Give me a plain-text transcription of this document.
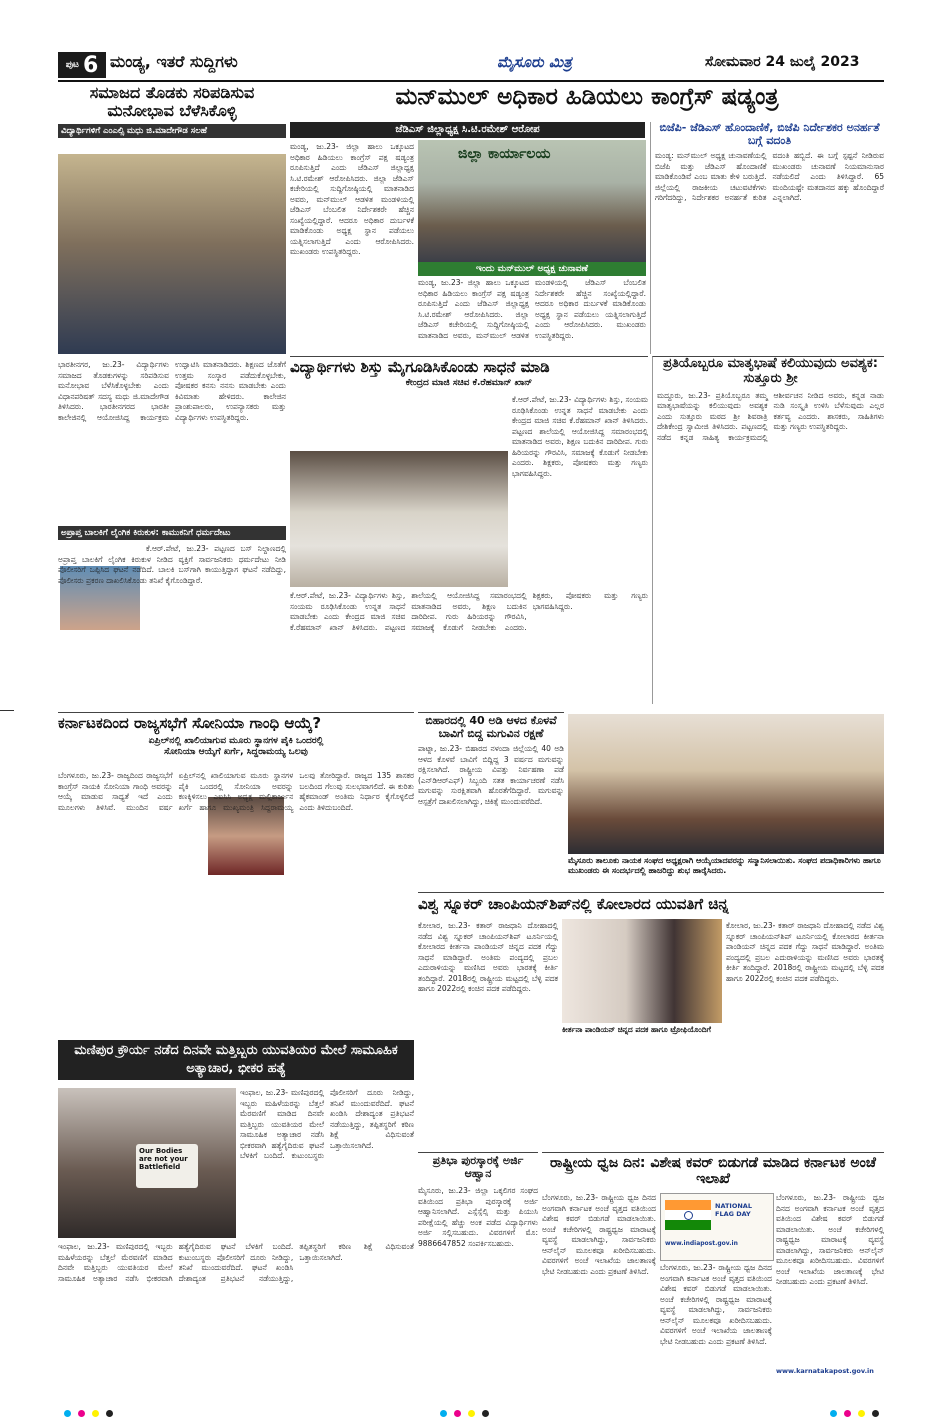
ಪುಟ 6 ಮಂಡ್ಯ, ಇತರೆ ಸುದ್ದಿಗಳು	ಮೈಸೂರು ಮಿತ್ರ	ಸೋಮವಾರ 24 ಜುಲೈ 2023
ಸಮಾಜದ ತೊಡಕು ಸರಿಪಡಿಸುವ ಮನೋಭಾವ ಬೆಳೆಸಿಕೊಳ್ಳಿ
ವಿದ್ಯಾರ್ಥಿಗಳಿಗೆ ಎಂಎಲ್ಸಿ ಮಧು ಜಿ.ಮಾದೇಗೌಡ ಸಲಹೆ
ಭಾರತೀನಗರ, ಜು.23- ವಿದ್ಯಾರ್ಥಿಗಳು ಸಮಾಜದ ತೊಡಕುಗಳನ್ನು ಸರಿಪಡಿಸುವ ಮನೋಭಾವ ಬೆಳೆಸಿಕೊಳ್ಳಬೇಕು ಎಂದು ವಿಧಾನಪರಿಷತ್ ಸದಸ್ಯ ಮಧು ಜಿ.ಮಾದೇಗೌಡ ತಿಳಿಸಿದರು. ಭಾರತೀನಗರದ ಭಾರತೀ ಕಾಲೇಜಿನಲ್ಲಿ ಆಯೋಜಿಸಿದ್ದ ಕಾರ್ಯಕ್ರಮ ಉದ್ಘಾಟಿಸಿ ಮಾತನಾಡಿದರು. ಶಿಕ್ಷಣದ ಜೊತೆಗೆ ಉತ್ತಮ ಸಂಸ್ಕಾರ ಪಡೆದುಕೊಳ್ಳಬೇಕು, ಪೋಷಕರ ಕನಸು ನನಸು ಮಾಡಬೇಕು ಎಂದು ಕಿವಿಮಾತು ಹೇಳಿದರು. ಕಾಲೇಜಿನ ಪ್ರಾಂಶುಪಾಲರು, ಉಪನ್ಯಾಸಕರು ಮತ್ತು ವಿದ್ಯಾರ್ಥಿಗಳು ಉಪಸ್ಥಿತರಿದ್ದರು.
ಅಪ್ರಾಪ್ತ ಬಾಲಕಿಗೆ ಲೈಂಗಿಕ ಕಿರುಕುಳ: ಕಾಮುಕನಿಗೆ ಧರ್ಮದೇಟು
ಕೆ.ಆರ್.ಪೇಟೆ, ಜು.23- ಪಟ್ಟಣದ ಬಸ್ ನಿಲ್ದಾಣದಲ್ಲಿ ಅಪ್ರಾಪ್ತ ಬಾಲಕಿಗೆ ಲೈಂಗಿಕ ಕಿರುಕುಳ ನೀಡಿದ ವ್ಯಕ್ತಿಗೆ ಸಾರ್ವಜನಿಕರು ಧರ್ಮದೇಟು ನೀಡಿ ಪೊಲೀಸರಿಗೆ ಒಪ್ಪಿಸಿದ ಘಟನೆ ನಡೆದಿದೆ. ಬಾಲಕಿ ಬಸ್‌ಗಾಗಿ ಕಾಯುತ್ತಿದ್ದಾಗ ಘಟನೆ ನಡೆದಿದ್ದು, ಪೊಲೀಸರು ಪ್ರಕರಣ ದಾಖಲಿಸಿಕೊಂಡು ತನಿಖೆ ಕೈಗೊಂಡಿದ್ದಾರೆ.
ಮನ್‌ಮುಲ್ ಅಧಿಕಾರ ಹಿಡಿಯಲು ಕಾಂಗ್ರೆಸ್ ಷಡ್ಯಂತ್ರ
ಜೆಡಿಎಸ್ ಜಿಲ್ಲಾಧ್ಯಕ್ಷ ಸಿ.ಟಿ.ರಮೇಶ್ ಆರೋಪ
ಮಂಡ್ಯ, ಜು.23- ಜಿಲ್ಲಾ ಹಾಲು ಒಕ್ಕೂಟದ ಅಧಿಕಾರ ಹಿಡಿಯಲು ಕಾಂಗ್ರೆಸ್ ಪಕ್ಷ ಷಡ್ಯಂತ್ರ ರೂಪಿಸುತ್ತಿದೆ ಎಂದು ಜೆಡಿಎಸ್ ಜಿಲ್ಲಾಧ್ಯಕ್ಷ ಸಿ.ಟಿ.ರಮೇಶ್ ಆರೋಪಿಸಿದರು. ಜಿಲ್ಲಾ ಜೆಡಿಎಸ್ ಕಚೇರಿಯಲ್ಲಿ ಸುದ್ದಿಗೋಷ್ಠಿಯಲ್ಲಿ ಮಾತನಾಡಿದ ಅವರು, ಮನ್‌ಮುಲ್ ಆಡಳಿತ ಮಂಡಳಿಯಲ್ಲಿ ಜೆಡಿಎಸ್ ಬೆಂಬಲಿತ ನಿರ್ದೇಶಕರೇ ಹೆಚ್ಚಿನ ಸಂಖ್ಯೆಯಲ್ಲಿದ್ದಾರೆ. ಆದರೂ ಅಧಿಕಾರ ದುರ್ಬಳಕೆ ಮಾಡಿಕೊಂಡು ಅಧ್ಯಕ್ಷ ಸ್ಥಾನ ಪಡೆಯಲು ಯತ್ನಿಸಲಾಗುತ್ತಿದೆ ಎಂದು ಆರೋಪಿಸಿದರು. ಮುಖಂಡರು ಉಪಸ್ಥಿತರಿದ್ದರು.
ಜಿಲ್ಲಾ ಕಾರ್ಯಾಲಯ
ಇಂದು ಮನ್‌ಮುಲ್ ಅಧ್ಯಕ್ಷ ಚುನಾವಣೆ
ಮಂಡ್ಯ, ಜು.23- ಜಿಲ್ಲಾ ಹಾಲು ಒಕ್ಕೂಟದ ಅಧಿಕಾರ ಹಿಡಿಯಲು ಕಾಂಗ್ರೆಸ್ ಪಕ್ಷ ಷಡ್ಯಂತ್ರ ರೂಪಿಸುತ್ತಿದೆ ಎಂದು ಜೆಡಿಎಸ್ ಜಿಲ್ಲಾಧ್ಯಕ್ಷ ಸಿ.ಟಿ.ರಮೇಶ್ ಆರೋಪಿಸಿದರು. ಜಿಲ್ಲಾ ಜೆಡಿಎಸ್ ಕಚೇರಿಯಲ್ಲಿ ಸುದ್ದಿಗೋಷ್ಠಿಯಲ್ಲಿ ಮಾತನಾಡಿದ ಅವರು, ಮನ್‌ಮುಲ್ ಆಡಳಿತ ಮಂಡಳಿಯಲ್ಲಿ ಜೆಡಿಎಸ್ ಬೆಂಬಲಿತ ನಿರ್ದೇಶಕರೇ ಹೆಚ್ಚಿನ ಸಂಖ್ಯೆಯಲ್ಲಿದ್ದಾರೆ. ಆದರೂ ಅಧಿಕಾರ ದುರ್ಬಳಕೆ ಮಾಡಿಕೊಂಡು ಅಧ್ಯಕ್ಷ ಸ್ಥಾನ ಪಡೆಯಲು ಯತ್ನಿಸಲಾಗುತ್ತಿದೆ ಎಂದು ಆರೋಪಿಸಿದರು. ಮುಖಂಡರು ಉಪಸ್ಥಿತರಿದ್ದರು.
ಬಿಜೆಪಿ- ಜೆಡಿಎಸ್ ಹೊಂದಾಣಿಕೆ, ಬಿಜೆಪಿ ನಿರ್ದೇಶಕರ ಅನರ್ಹತೆ ಬಗ್ಗೆ ವದಂತಿ
ಮಂಡ್ಯ: ಮನ್‌ಮುಲ್ ಅಧ್ಯಕ್ಷ ಚುನಾವಣೆಯಲ್ಲಿ ಬಿಜೆಪಿ ಮತ್ತು ಜೆಡಿಎಸ್ ಹೊಂದಾಣಿಕೆ ಮಾಡಿಕೊಂಡಿವೆ ಎಂಬ ಮಾತು ಕೇಳಿ ಬರುತ್ತಿದೆ. ಜಿಲ್ಲೆಯಲ್ಲಿ ರಾಜಕೀಯ ಚಟುವಟಿಕೆಗಳು ಗರಿಗೆದರಿದ್ದು, ನಿರ್ದೇಶಕರ ಅನರ್ಹತೆ ಕುರಿತ ವದಂತಿ ಹಬ್ಬಿದೆ. ಈ ಬಗ್ಗೆ ಸ್ಪಷ್ಟನೆ ನೀಡಿರುವ ಮುಖಂಡರು ಚುನಾವಣೆ ನಿಯಮಾನುಸಾರ ನಡೆಯಲಿದೆ ಎಂದು ತಿಳಿಸಿದ್ದಾರೆ. 65 ಮಂದಿಯಷ್ಟೇ ಮತದಾನದ ಹಕ್ಕು ಹೊಂದಿದ್ದಾರೆ ಎನ್ನಲಾಗಿದೆ.
ವಿದ್ಯಾರ್ಥಿಗಳು ಶಿಸ್ತು ಮೈಗೂಡಿಸಿಕೊಂಡು ಸಾಧನೆ ಮಾಡಿ
ಕೇಂದ್ರದ ಮಾಜಿ ಸಚಿವ ಕೆ.ರೆಹಮಾನ್ ಖಾನ್
ಕೆ.ಆರ್.ಪೇಟೆ, ಜು.23- ವಿದ್ಯಾರ್ಥಿಗಳು ಶಿಸ್ತು, ಸಂಯಮ ರೂಢಿಸಿಕೊಂಡು ಉನ್ನತ ಸಾಧನೆ ಮಾಡಬೇಕು ಎಂದು ಕೇಂದ್ರದ ಮಾಜಿ ಸಚಿವ ಕೆ.ರೆಹಮಾನ್ ಖಾನ್ ತಿಳಿಸಿದರು. ಪಟ್ಟಣದ ಶಾಲೆಯಲ್ಲಿ ಆಯೋಜಿಸಿದ್ದ ಸಮಾರಂಭದಲ್ಲಿ ಮಾತನಾಡಿದ ಅವರು, ಶಿಕ್ಷಣ ಬದುಕಿನ ದಾರಿದೀಪ. ಗುರು ಹಿರಿಯರನ್ನು ಗೌರವಿಸಿ, ಸಮಾಜಕ್ಕೆ ಕೊಡುಗೆ ನೀಡಬೇಕು ಎಂದರು. ಶಿಕ್ಷಕರು, ಪೋಷಕರು ಮತ್ತು ಗಣ್ಯರು ಭಾಗವಹಿಸಿದ್ದರು.
ಕೆ.ಆರ್.ಪೇಟೆ, ಜು.23- ವಿದ್ಯಾರ್ಥಿಗಳು ಶಿಸ್ತು, ಸಂಯಮ ರೂಢಿಸಿಕೊಂಡು ಉನ್ನತ ಸಾಧನೆ ಮಾಡಬೇಕು ಎಂದು ಕೇಂದ್ರದ ಮಾಜಿ ಸಚಿವ ಕೆ.ರೆಹಮಾನ್ ಖಾನ್ ತಿಳಿಸಿದರು. ಪಟ್ಟಣದ ಶಾಲೆಯಲ್ಲಿ ಆಯೋಜಿಸಿದ್ದ ಸಮಾರಂಭದಲ್ಲಿ ಮಾತನಾಡಿದ ಅವರು, ಶಿಕ್ಷಣ ಬದುಕಿನ ದಾರಿದೀಪ. ಗುರು ಹಿರಿಯರನ್ನು ಗೌರವಿಸಿ, ಸಮಾಜಕ್ಕೆ ಕೊಡುಗೆ ನೀಡಬೇಕು ಎಂದರು. ಶಿಕ್ಷಕರು, ಪೋಷಕರು ಮತ್ತು ಗಣ್ಯರು ಭಾಗವಹಿಸಿದ್ದರು.
ಪ್ರತಿಯೊಬ್ಬರೂ ಮಾತೃಭಾಷೆ ಕಲಿಯುವುದು ಅವಶ್ಯಕ: ಸುತ್ತೂರು ಶ್ರೀ
ಮದ್ದೂರು, ಜು.23- ಪ್ರತಿಯೊಬ್ಬರೂ ತಮ್ಮ ಮಾತೃಭಾಷೆಯನ್ನು ಕಲಿಯುವುದು ಅವಶ್ಯಕ ಎಂದು ಸುತ್ತೂರು ಮಠದ ಶ್ರೀ ಶಿವರಾತ್ರಿ ದೇಶಿಕೇಂದ್ರ ಸ್ವಾಮೀಜಿ ತಿಳಿಸಿದರು. ಪಟ್ಟಣದಲ್ಲಿ ನಡೆದ ಕನ್ನಡ ಸಾಹಿತ್ಯ ಕಾರ್ಯಕ್ರಮದಲ್ಲಿ ಆಶೀರ್ವಚನ ನೀಡಿದ ಅವರು, ಕನ್ನಡ ನಾಡು ನುಡಿ ಸಂಸ್ಕೃತಿ ಉಳಿಸಿ ಬೆಳೆಸುವುದು ಎಲ್ಲರ ಕರ್ತವ್ಯ ಎಂದರು. ಶಾಸಕರು, ಸಾಹಿತಿಗಳು ಮತ್ತು ಗಣ್ಯರು ಉಪಸ್ಥಿತರಿದ್ದರು.
ಕರ್ನಾಟಕದಿಂದ ರಾಜ್ಯಸಭೆಗೆ ಸೋನಿಯಾ ಗಾಂಧಿ ಆಯ್ಕೆ?
ಏಪ್ರಿಲ್‌ನಲ್ಲಿ ಖಾಲಿಯಾಗುವ ಮೂರು ಸ್ಥಾನಗಳ ಪೈಕಿ ಒಂದರಲ್ಲಿ
ಸೋನಿಯಾ ಆಯ್ಕೆಗೆ ಖರ್ಗೆ, ಸಿದ್ದರಾಮಯ್ಯ ಒಲವು
ಬೆಂಗಳೂರು, ಜು.23- ರಾಜ್ಯದಿಂದ ರಾಜ್ಯಸಭೆಗೆ ಕಾಂಗ್ರೆಸ್ ನಾಯಕಿ ಸೋನಿಯಾ ಗಾಂಧಿ ಅವರನ್ನು ಆಯ್ಕೆ ಮಾಡುವ ಸಾಧ್ಯತೆ ಇದೆ ಎಂದು ಮೂಲಗಳು ತಿಳಿಸಿವೆ. ಮುಂದಿನ ವರ್ಷ ಏಪ್ರಿಲ್‌ನಲ್ಲಿ ಖಾಲಿಯಾಗುವ ಮೂರು ಸ್ಥಾನಗಳ ಪೈಕಿ ಒಂದರಲ್ಲಿ ಸೋನಿಯಾ ಅವರನ್ನು ಕಣಕ್ಕಿಳಿಸಲು ಎಐಸಿಸಿ ಅಧ್ಯಕ್ಷ ಮಲ್ಲಿಕಾರ್ಜುನ ಖರ್ಗೆ ಹಾಗೂ ಮುಖ್ಯಮಂತ್ರಿ ಸಿದ್ದರಾಮಯ್ಯ ಒಲವು ತೋರಿದ್ದಾರೆ. ರಾಜ್ಯದ 135 ಶಾಸಕರ ಬಲದಿಂದ ಗೆಲುವು ಸುಲಭವಾಗಲಿದೆ. ಈ ಕುರಿತು ಹೈಕಮಾಂಡ್ ಅಂತಿಮ ನಿರ್ಧಾರ ಕೈಗೊಳ್ಳಲಿದೆ ಎಂದು ತಿಳಿದುಬಂದಿದೆ.
ಬಿಹಾರದಲ್ಲಿ 40 ಅಡಿ ಆಳದ ಕೊಳವೆ ಬಾವಿಗೆ ಬಿದ್ದ ಮಗುವಿನ ರಕ್ಷಣೆ
ಪಾಟ್ನಾ, ಜು.23- ಬಿಹಾರದ ನಳಂದಾ ಜಿಲ್ಲೆಯಲ್ಲಿ 40 ಅಡಿ ಆಳದ ಕೊಳವೆ ಬಾವಿಗೆ ಬಿದ್ದಿದ್ದ 3 ವರ್ಷದ ಮಗುವನ್ನು ರಕ್ಷಿಸಲಾಗಿದೆ. ರಾಷ್ಟ್ರೀಯ ವಿಪತ್ತು ನಿರ್ವಹಣಾ ಪಡೆ (ಎನ್‌ಡಿಆರ್‌ಎಫ್) ಸಿಬ್ಬಂದಿ ಸತತ ಕಾರ್ಯಾಚರಣೆ ನಡೆಸಿ ಮಗುವನ್ನು ಸುರಕ್ಷಿತವಾಗಿ ಹೊರತೆಗೆದಿದ್ದಾರೆ. ಮಗುವನ್ನು ಆಸ್ಪತ್ರೆಗೆ ದಾಖಲಿಸಲಾಗಿದ್ದು, ಚಿಕಿತ್ಸೆ ಮುಂದುವರೆದಿದೆ.
ಮೈಸೂರು ತಾಲೂಕು ನಾಯಕ ಸಂಘದ ಅಧ್ಯಕ್ಷರಾಗಿ ಆಯ್ಕೆಯಾದವರನ್ನು ಸನ್ಮಾನಿಸಲಾಯಿತು. ಸಂಘದ ಪದಾಧಿಕಾರಿಗಳು ಹಾಗೂ ಮುಖಂಡರು ಈ ಸಂದರ್ಭದಲ್ಲಿ ಹಾಜರಿದ್ದು ಶುಭ ಹಾರೈಸಿದರು.
ವಿಶ್ವ ಸ್ನೂಕರ್ ಚಾಂಪಿಯನ್‌ಶಿಪ್‌ನಲ್ಲಿ ಕೋಲಾರದ ಯುವತಿಗೆ ಚಿನ್ನ
ಕೋಲಾರ, ಜು.23- ಕತಾರ್ ರಾಜಧಾನಿ ದೋಹಾದಲ್ಲಿ ನಡೆದ ವಿಶ್ವ ಸ್ನೂಕರ್ ಚಾಂಪಿಯನ್‌ಶಿಪ್ ಟೂರ್ನಿಯಲ್ಲಿ ಕೋಲಾರದ ಕೀರ್ತನಾ ಪಾಂಡಿಯನ್ ಚಿನ್ನದ ಪದಕ ಗೆದ್ದು ಸಾಧನೆ ಮಾಡಿದ್ದಾರೆ. ಅಂತಿಮ ಪಂದ್ಯದಲ್ಲಿ ಪ್ರಬಲ ಎದುರಾಳಿಯನ್ನು ಮಣಿಸಿದ ಅವರು ಭಾರತಕ್ಕೆ ಕೀರ್ತಿ ತಂದಿದ್ದಾರೆ. 2018ರಲ್ಲಿ ರಾಷ್ಟ್ರೀಯ ಮಟ್ಟದಲ್ಲಿ ಬೆಳ್ಳಿ ಪದಕ ಹಾಗೂ 2022ರಲ್ಲಿ ಕಂಚಿನ ಪದಕ ಪಡೆದಿದ್ದರು.
ಕೀರ್ತನಾ ಪಾಂಡಿಯನ್ ಚಿನ್ನದ ಪದಕ ಹಾಗೂ ಟ್ರೋಫಿಯೊಂದಿಗೆ
ಕೋಲಾರ, ಜು.23- ಕತಾರ್ ರಾಜಧಾನಿ ದೋಹಾದಲ್ಲಿ ನಡೆದ ವಿಶ್ವ ಸ್ನೂಕರ್ ಚಾಂಪಿಯನ್‌ಶಿಪ್ ಟೂರ್ನಿಯಲ್ಲಿ ಕೋಲಾರದ ಕೀರ್ತನಾ ಪಾಂಡಿಯನ್ ಚಿನ್ನದ ಪದಕ ಗೆದ್ದು ಸಾಧನೆ ಮಾಡಿದ್ದಾರೆ. ಅಂತಿಮ ಪಂದ್ಯದಲ್ಲಿ ಪ್ರಬಲ ಎದುರಾಳಿಯನ್ನು ಮಣಿಸಿದ ಅವರು ಭಾರತಕ್ಕೆ ಕೀರ್ತಿ ತಂದಿದ್ದಾರೆ. 2018ರಲ್ಲಿ ರಾಷ್ಟ್ರೀಯ ಮಟ್ಟದಲ್ಲಿ ಬೆಳ್ಳಿ ಪದಕ ಹಾಗೂ 2022ರಲ್ಲಿ ಕಂಚಿನ ಪದಕ ಪಡೆದಿದ್ದರು.
ಮಣಿಪುರ ಕ್ರೌರ್ಯ ನಡೆದ ದಿನವೇ ಮತ್ತಿಬ್ಬರು ಯುವತಿಯರ ಮೇಲೆ ಸಾಮೂಹಿಕ ಅತ್ಯಾಚಾರ, ಭೀಕರ ಹತ್ಯೆ
Our Bodies are not your Battlefield
ಇಂಫಾಲ, ಜು.23- ಮಣಿಪುರದಲ್ಲಿ ಇಬ್ಬರು ಮಹಿಳೆಯರನ್ನು ಬೆತ್ತಲೆ ಮೆರವಣಿಗೆ ಮಾಡಿದ ದಿನವೇ ಮತ್ತಿಬ್ಬರು ಯುವತಿಯರ ಮೇಲೆ ಸಾಮೂಹಿಕ ಅತ್ಯಾಚಾರ ನಡೆಸಿ ಭೀಕರವಾಗಿ ಹತ್ಯೆಗೈದಿರುವ ಘಟನೆ ಬೆಳಕಿಗೆ ಬಂದಿದೆ. ಕುಟುಂಬಸ್ಥರು ಪೊಲೀಸರಿಗೆ ದೂರು ನೀಡಿದ್ದು, ತನಿಖೆ ಮುಂದುವರೆದಿದೆ. ಘಟನೆ ಖಂಡಿಸಿ ದೇಶಾದ್ಯಂತ ಪ್ರತಿಭಟನೆ ನಡೆಯುತ್ತಿದ್ದು, ತಪ್ಪಿತಸ್ಥರಿಗೆ ಕಠಿಣ ಶಿಕ್ಷೆ ವಿಧಿಸುವಂತೆ ಒತ್ತಾಯಿಸಲಾಗಿದೆ.
ಇಂಫಾಲ, ಜು.23- ಮಣಿಪುರದಲ್ಲಿ ಇಬ್ಬರು ಮಹಿಳೆಯರನ್ನು ಬೆತ್ತಲೆ ಮೆರವಣಿಗೆ ಮಾಡಿದ ದಿನವೇ ಮತ್ತಿಬ್ಬರು ಯುವತಿಯರ ಮೇಲೆ ಸಾಮೂಹಿಕ ಅತ್ಯಾಚಾರ ನಡೆಸಿ ಭೀಕರವಾಗಿ ಹತ್ಯೆಗೈದಿರುವ ಘಟನೆ ಬೆಳಕಿಗೆ ಬಂದಿದೆ. ಕುಟುಂಬಸ್ಥರು ಪೊಲೀಸರಿಗೆ ದೂರು ನೀಡಿದ್ದು, ತನಿಖೆ ಮುಂದುವರೆದಿದೆ. ಘಟನೆ ಖಂಡಿಸಿ ದೇಶಾದ್ಯಂತ ಪ್ರತಿಭಟನೆ ನಡೆಯುತ್ತಿದ್ದು, ತಪ್ಪಿತಸ್ಥರಿಗೆ ಕಠಿಣ ಶಿಕ್ಷೆ ವಿಧಿಸುವಂತೆ ಒತ್ತಾಯಿಸಲಾಗಿದೆ.
ಪ್ರತಿಭಾ ಪುರಸ್ಕಾರಕ್ಕೆ ಅರ್ಜಿ ಆಹ್ವಾನ
ಮೈಸೂರು, ಜು.23- ಜಿಲ್ಲಾ ಒಕ್ಕಲಿಗರ ಸಂಘದ ವತಿಯಿಂದ ಪ್ರತಿಭಾ ಪುರಸ್ಕಾರಕ್ಕೆ ಅರ್ಜಿ ಆಹ್ವಾನಿಸಲಾಗಿದೆ. ಎಸ್ಸೆಸ್ಸೆಲ್ಸಿ ಮತ್ತು ಪಿಯುಸಿ ಪರೀಕ್ಷೆಯಲ್ಲಿ ಹೆಚ್ಚು ಅಂಕ ಪಡೆದ ವಿದ್ಯಾರ್ಥಿಗಳು ಅರ್ಜಿ ಸಲ್ಲಿಸಬಹುದು. ವಿವರಗಳಿಗೆ ಮೊ: 9886647852 ಸಂಪರ್ಕಿಸಬಹುದು.
ರಾಷ್ಟ್ರೀಯ ಧ್ವಜ ದಿನ: ವಿಶೇಷ ಕವರ್ ಬಿಡುಗಡೆ ಮಾಡಿದ ಕರ್ನಾಟಕ ಅಂಚೆ ಇಲಾಖೆ
ಬೆಂಗಳೂರು, ಜು.23- ರಾಷ್ಟ್ರೀಯ ಧ್ವಜ ದಿನದ ಅಂಗವಾಗಿ ಕರ್ನಾಟಕ ಅಂಚೆ ವೃತ್ತದ ವತಿಯಿಂದ ವಿಶೇಷ ಕವರ್ ಬಿಡುಗಡೆ ಮಾಡಲಾಯಿತು. ಅಂಚೆ ಕಚೇರಿಗಳಲ್ಲಿ ರಾಷ್ಟ್ರಧ್ವಜ ಮಾರಾಟಕ್ಕೆ ವ್ಯವಸ್ಥೆ ಮಾಡಲಾಗಿದ್ದು, ಸಾರ್ವಜನಿಕರು ಆನ್‌ಲೈನ್ ಮೂಲಕವೂ ಖರೀದಿಸಬಹುದು. ವಿವರಗಳಿಗೆ ಅಂಚೆ ಇಲಾಖೆಯ ಜಾಲತಾಣಕ್ಕೆ ಭೇಟಿ ನೀಡಬಹುದು ಎಂದು ಪ್ರಕಟಣೆ ತಿಳಿಸಿದೆ.
NATIONAL FLAG DAY
www.indiapost.gov.in
ಬೆಂಗಳೂರು, ಜು.23- ರಾಷ್ಟ್ರೀಯ ಧ್ವಜ ದಿನದ ಅಂಗವಾಗಿ ಕರ್ನಾಟಕ ಅಂಚೆ ವೃತ್ತದ ವತಿಯಿಂದ ವಿಶೇಷ ಕವರ್ ಬಿಡುಗಡೆ ಮಾಡಲಾಯಿತು. ಅಂಚೆ ಕಚೇರಿಗಳಲ್ಲಿ ರಾಷ್ಟ್ರಧ್ವಜ ಮಾರಾಟಕ್ಕೆ ವ್ಯವಸ್ಥೆ ಮಾಡಲಾಗಿದ್ದು, ಸಾರ್ವಜನಿಕರು ಆನ್‌ಲೈನ್ ಮೂಲಕವೂ ಖರೀದಿಸಬಹುದು. ವಿವರಗಳಿಗೆ ಅಂಚೆ ಇಲಾಖೆಯ ಜಾಲತಾಣಕ್ಕೆ ಭೇಟಿ ನೀಡಬಹುದು ಎಂದು ಪ್ರಕಟಣೆ ತಿಳಿಸಿದೆ.
ಬೆಂಗಳೂರು, ಜು.23- ರಾಷ್ಟ್ರೀಯ ಧ್ವಜ ದಿನದ ಅಂಗವಾಗಿ ಕರ್ನಾಟಕ ಅಂಚೆ ವೃತ್ತದ ವತಿಯಿಂದ ವಿಶೇಷ ಕವರ್ ಬಿಡುಗಡೆ ಮಾಡಲಾಯಿತು. ಅಂಚೆ ಕಚೇರಿಗಳಲ್ಲಿ ರಾಷ್ಟ್ರಧ್ವಜ ಮಾರಾಟಕ್ಕೆ ವ್ಯವಸ್ಥೆ ಮಾಡಲಾಗಿದ್ದು, ಸಾರ್ವಜನಿಕರು ಆನ್‌ಲೈನ್ ಮೂಲಕವೂ ಖರೀದಿಸಬಹುದು. ವಿವರಗಳಿಗೆ ಅಂಚೆ ಇಲಾಖೆಯ ಜಾಲತಾಣಕ್ಕೆ ಭೇಟಿ ನೀಡಬಹುದು ಎಂದು ಪ್ರಕಟಣೆ ತಿಳಿಸಿದೆ.
www.karnatakapost.gov.in
